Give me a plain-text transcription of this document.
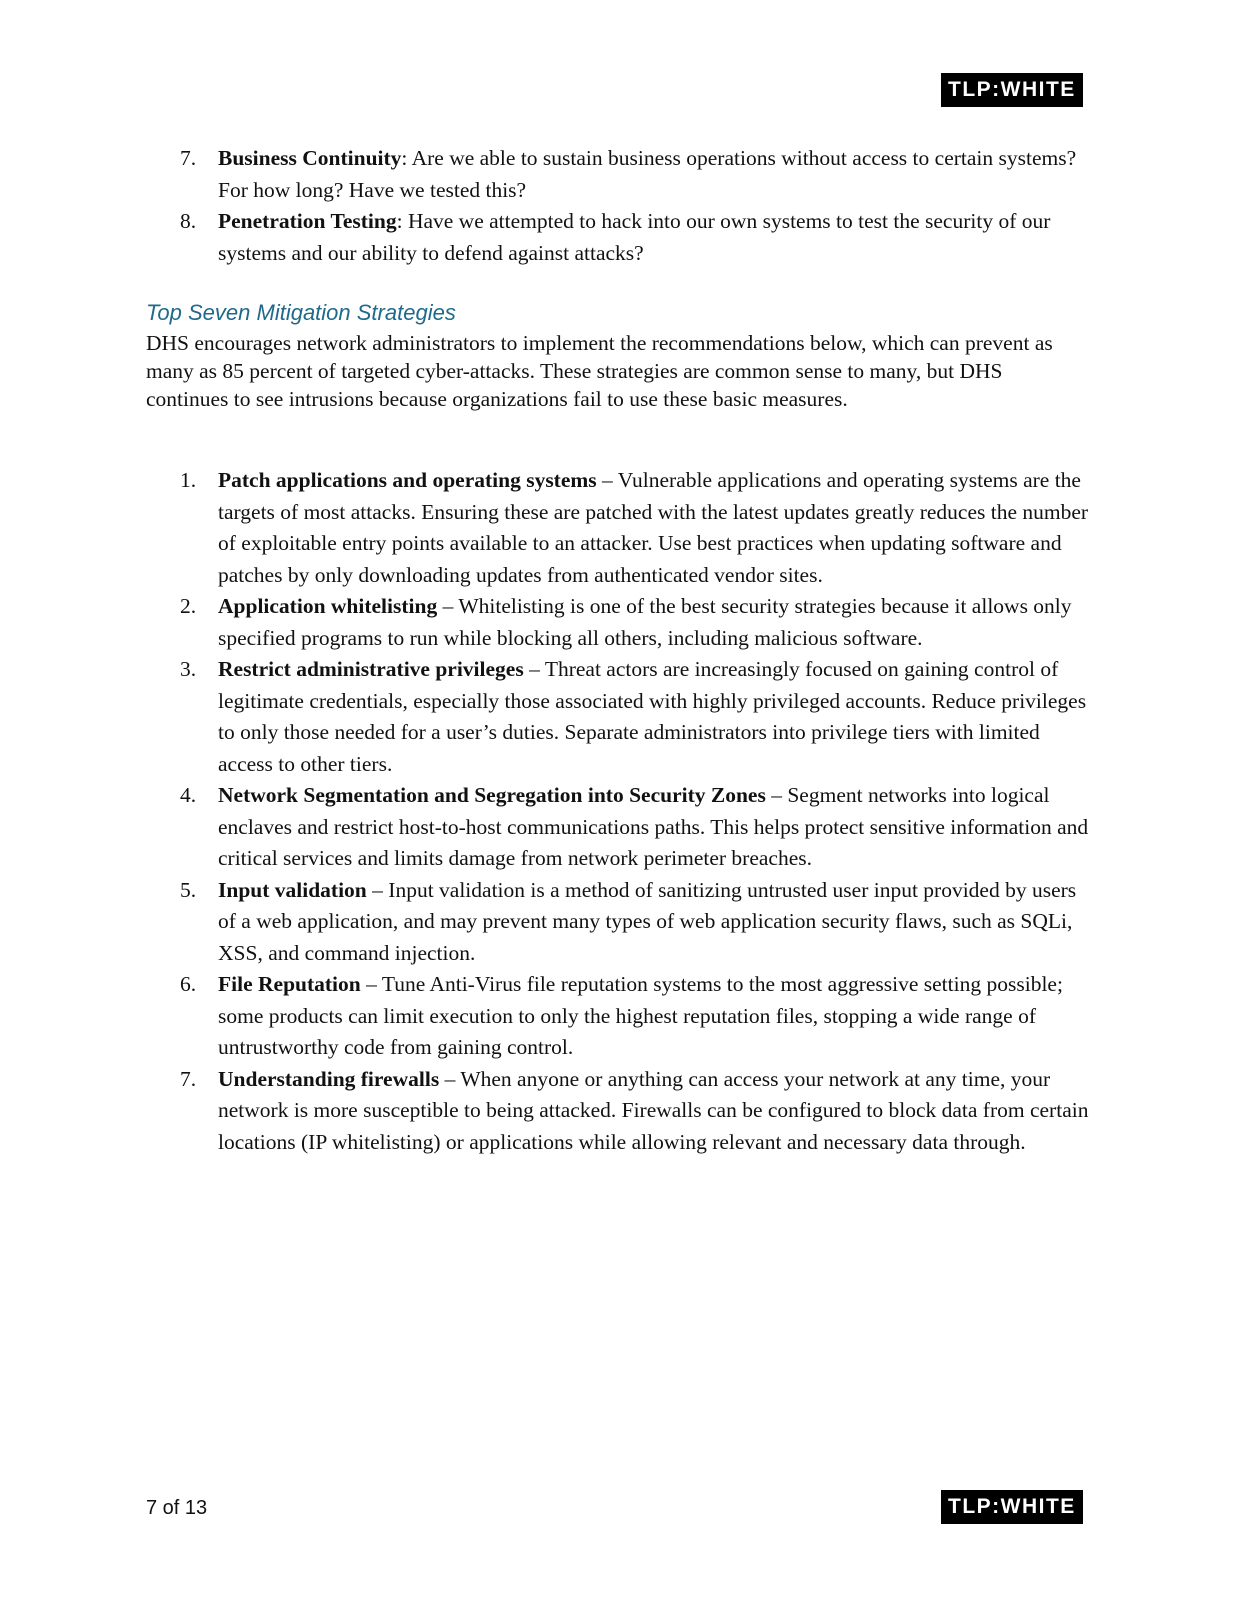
TLP:WHITE
7. Business Continuity: Are we able to sustain business operations without access to certain systems? For how long? Have we tested this?
8. Penetration Testing: Have we attempted to hack into our own systems to test the security of our systems and our ability to defend against attacks?
Top Seven Mitigation Strategies

DHS encourages network administrators to implement the recommendations below, which can prevent as many as 85 percent of targeted cyber-attacks. These strategies are common sense to many, but DHS continues to see intrusions because organizations fail to use these basic measures.

1. Patch applications and operating systems – Vulnerable applications and operating systems are the targets of most attacks. Ensuring these are patched with the latest updates greatly reduces the number of exploitable entry points available to an attacker. Use best practices when updating software and patches by only downloading updates from authenticated vendor sites.
2. Application whitelisting – Whitelisting is one of the best security strategies because it allows only specified programs to run while blocking all others, including malicious software.
3. Restrict administrative privileges – Threat actors are increasingly focused on gaining control of legitimate credentials, especially those associated with highly privileged accounts. Reduce privileges to only those needed for a user’s duties. Separate administrators into privilege tiers with limited access to other tiers.
4. Network Segmentation and Segregation into Security Zones – Segment networks into logical enclaves and restrict host-to-host communications paths. This helps protect sensitive information and critical services and limits damage from network perimeter breaches.
5. Input validation – Input validation is a method of sanitizing untrusted user input provided by users of a web application, and may prevent many types of web application security flaws, such as SQLi, XSS, and command injection.
6. File Reputation – Tune Anti-Virus file reputation systems to the most aggressive setting possible; some products can limit execution to only the highest reputation files, stopping a wide range of untrustworthy code from gaining control.
7. Understanding firewalls – When anyone or anything can access your network at any time, your network is more susceptible to being attacked. Firewalls can be configured to block data from certain locations (IP whitelisting) or applications while allowing relevant and necessary data through.
7 of 13	TLP:WHITE
